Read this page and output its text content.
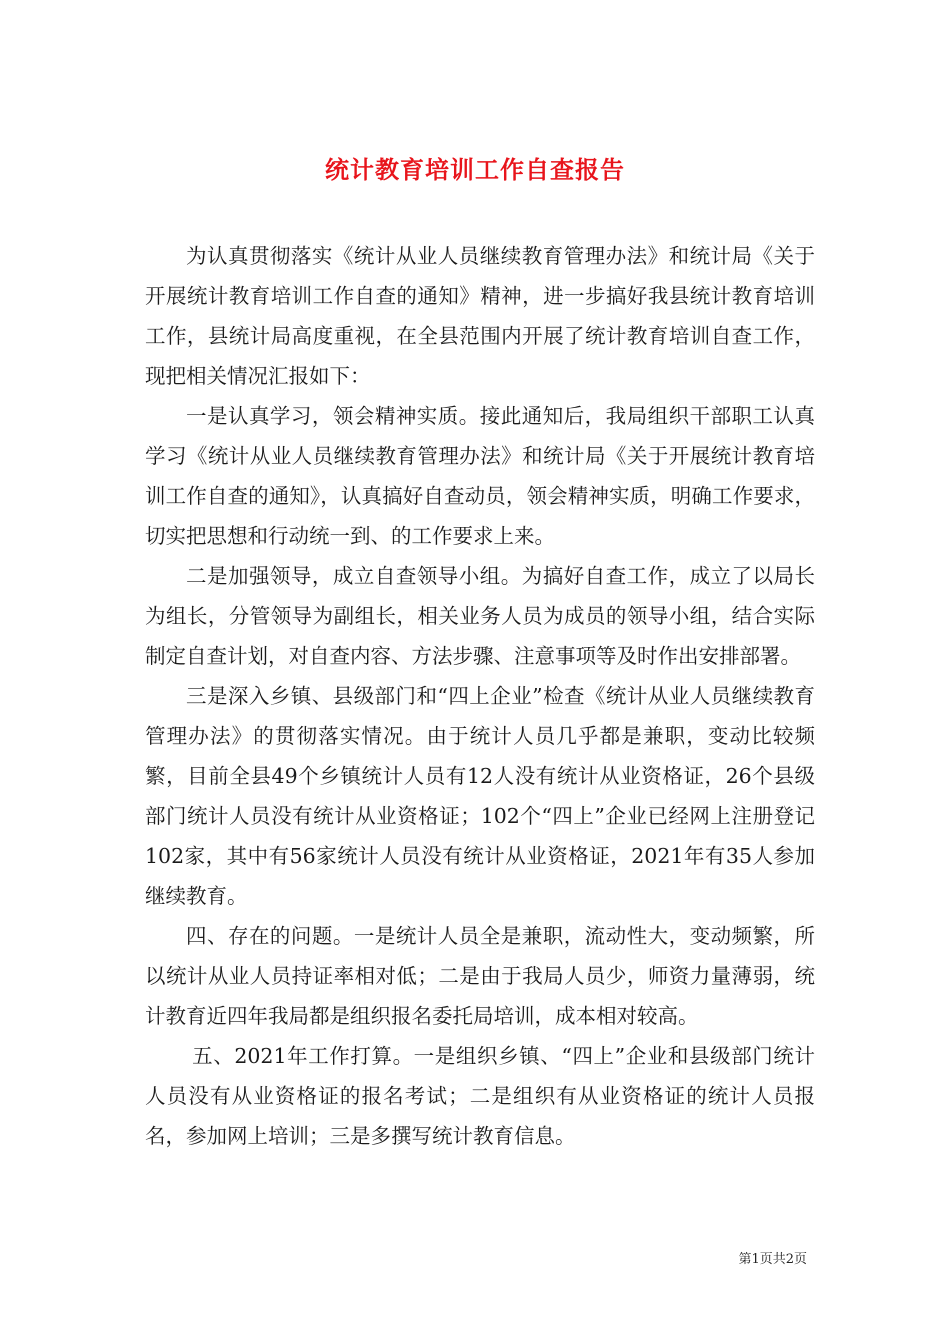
统计教育培训工作自查报告

为认真贯彻落实《统计从业人员继续教育管理办法》和统计局《关于开展统计教育培训工作自查的通知》精神，进一步搞好我县统计教育培训工作，县统计局高度重视，在全县范围内开展了统计教育培训自查工作，现把相关情况汇报如下：

一是认真学习，领会精神实质。接此通知后，我局组织干部职工认真学习《统计从业人员继续教育管理办法》和统计局《关于开展统计教育培训工作自查的通知》，认真搞好自查动员，领会精神实质，明确工作要求，切实把思想和行动统一到、的工作要求上来。

二是加强领导，成立自查领导小组。为搞好自查工作，成立了以局长为组长，分管领导为副组长，相关业务人员为成员的领导小组，结合实际制定自查计划，对自查内容、方法步骤、注意事项等及时作出安排部署。

三是深入乡镇、县级部门和“四上企业”检查《统计从业人员继续教育管理办法》的贯彻落实情况。由于统计人员几乎都是兼职，变动比较频繁，目前全县49个乡镇统计人员有12人没有统计从业资格证，26个县级部门统计人员没有统计从业资格证；102个“四上”企业已经网上注册登记102家，其中有56家统计人员没有统计从业资格证，2021年有35人参加继续教育。

四、存在的问题。一是统计人员全是兼职，流动性大，变动频繁，所以统计从业人员持证率相对低；二是由于我局人员少，师资力量薄弱，统计教育近四年我局都是组织报名委托局培训，成本相对较高。

五、2021年工作打算。一是组织乡镇、“四上”企业和县级部门统计人员没有从业资格证的报名考试；二是组织有从业资格证的统计人员报名，参加网上培训；三是多撰写统计教育信息。

第1页共2页
